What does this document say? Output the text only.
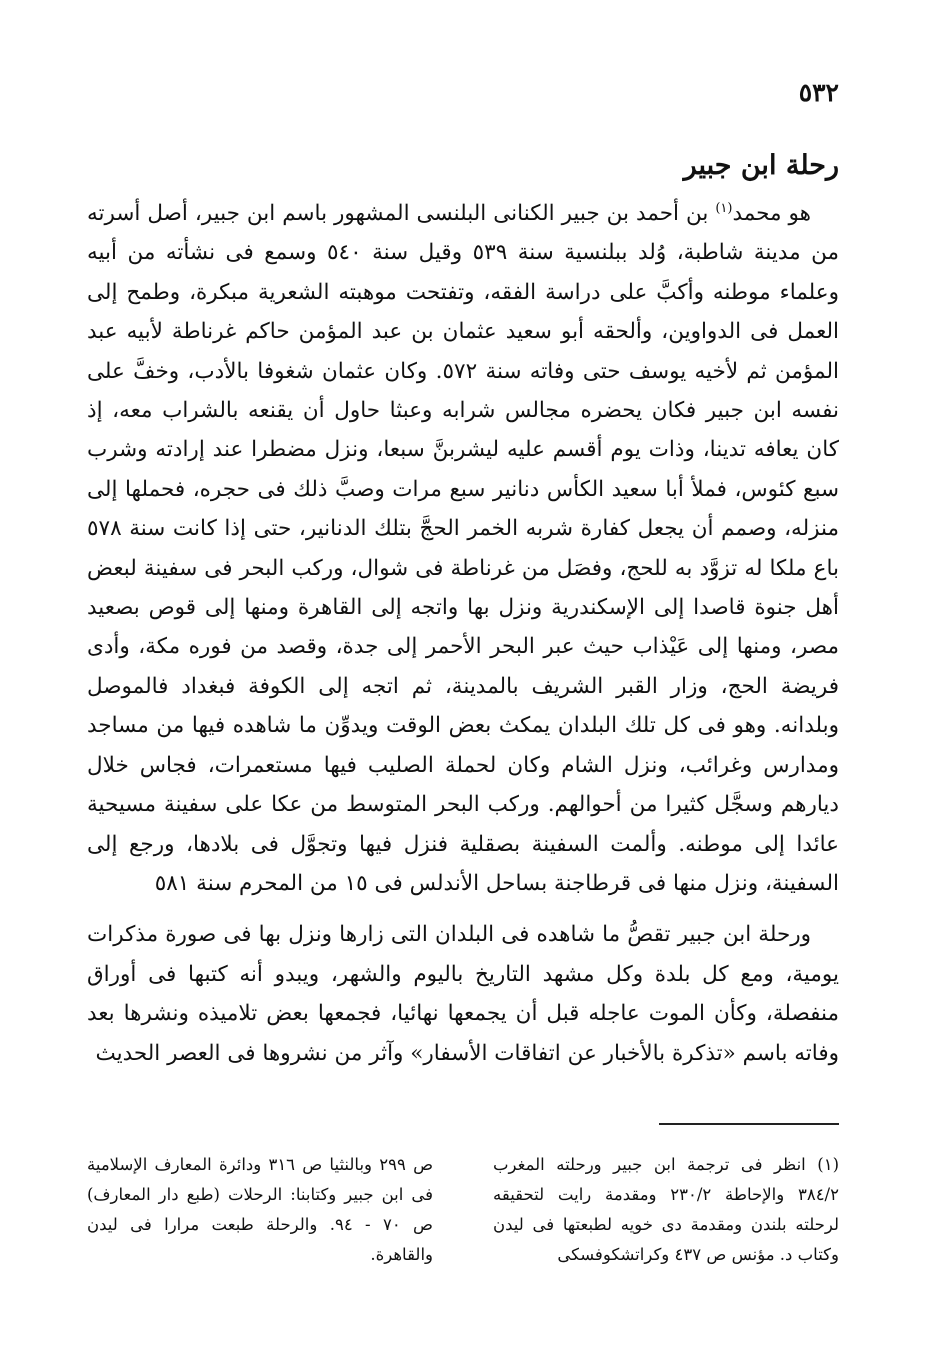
٥٣٢
رحلة ابن جبير

هو محمد$^{(١)}$ بن أحمد بن جبير الكنانى البلنسى المشهور باسم ابن جبير، أصل أسرته من مدينة شاطبة، وُلد ببلنسية سنة ٥٣٩ وقيل سنة ٥٤٠ وسمع فى نشأته من أبيه وعلماء موطنه وأكبَّ على دراسة الفقه، وتفتحت موهبته الشعرية مبكرة، وطمح إلى العمل فى الدواوين، وألحقه أبو سعيد عثمان بن عبد المؤمن حاكم غرناطة لأبيه عبد المؤمن ثم لأخيه يوسف حتى وفاته سنة ٥٧٢. وكان عثمان شغوفا بالأدب، وخفَّ على نفسه ابن جبير فكان يحضره مجالس شرابه وعبثا حاول أن يقنعه بالشراب معه، إذ كان يعافه تدينا، وذات يوم أقسم عليه ليشربنَّ سبعا، ونزل مضطرا عند إرادته وشرب سبع كئوس، فملأ أبا سعيد الكأس دنانير سبع مرات وصبَّ ذلك فى حجره، فحملها إلى منزله، وصمم أن يجعل كفارة شربه الخمر الحجَّ بتلك الدنانير، حتى إذا كانت سنة ٥٧٨ باع ملكا له تزوَّد به للحج، وفصَل من غرناطة فى شوال، وركب البحر فى سفينة لبعض أهل جنوة قاصدا إلى الإسكندرية ونزل بها واتجه إلى القاهرة ومنها إلى قوص بصعيد مصر، ومنها إلى عَيْذاب حيث عبر البحر الأحمر إلى جدة، وقصد من فوره مكة، وأدى فريضة الحج، وزار القبر الشريف بالمدينة، ثم اتجه إلى الكوفة فبغداد فالموصل وبلدانه. وهو فى كل تلك البلدان يمكث بعض الوقت ويدوِّن ما شاهده فيها من مساجد ومدارس وغرائب، ونزل الشام وكان لحملة الصليب فيها مستعمرات، فجاس خلال ديارهم وسجَّل كثيرا من أحوالهم. وركب البحر المتوسط من عكا على سفينة مسيحية عائدا إلى موطنه. وألمت السفينة بصقلية فنزل فيها وتجوَّل فى بلادها، ورجع إلى السفينة، ونزل منها فى قرطاجنة بساحل الأندلس فى ١٥ من المحرم سنة ٥٨١

ورحلة ابن جبير تقصُّ ما شاهده فى البلدان التى زارها ونزل بها فى صورة مذكرات يومية، ومع كل بلدة وكل مشهد التاريخ باليوم والشهر، ويبدو أنه كتبها فى أوراق منفصلة، وكأن الموت عاجله قبل أن يجمعها نهائيا، فجمعها بعض تلاميذه ونشرها بعد وفاته باسم «تذكرة بالأخبار عن اتفاقات الأسفار» وآثر من نشروها فى العصر الحديث

(١) انظر فى ترجمة ابن جبير ورحلته المغرب ٣٨٤/٢ والإحاطة ٢٣٠/٢ ومقدمة رايت لتحقيقه لرحلته بلندن ومقدمة دى خويه لطبعتها فى ليدن وكتاب د. مؤنس ص ٤٣٧ وكراتشكوفسكى

ص ٢٩٩ وبالنثيا ص ٣١٦ ودائرة المعارف الإسلامية فى ابن جبير وكتابنا: الرحلات (طبع دار المعارف) ص ٧٠ - ٩٤. والرحلة طبعت مرارا فى ليدن والقاهرة.
